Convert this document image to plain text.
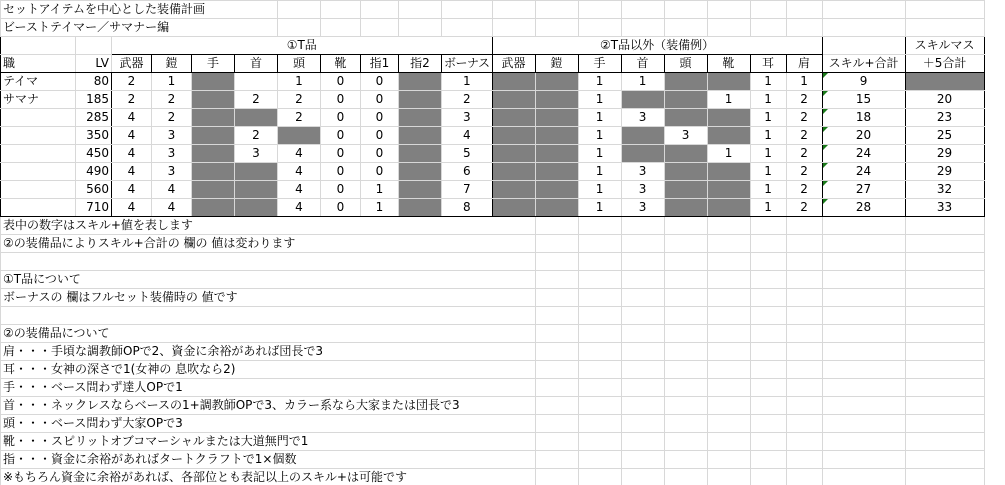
セットアイテムを中心とした装備計画																				
ビーストテイマー／サマナー編																				
		①T品									②T品以外（装備例）									スキルマス
職	LV	武器	鎧	手	首	頭	靴	指1	指2	ボーナス	武器	鎧	手	首	頭	靴	耳	肩	スキル+合計	＋5合計
テイマ	80	2	1			1	0	0		1			1	1			1	1	9	
サマナ	185	2	2		2	2	0	0		2			1			1	1	2	15	20
	285	4	2			2	0	0		3			1	3			1	2	18	23
	350	4	3		2		0	0		4			1		3		1	2	20	25
	450	4	3		3	4	0	0		5			1			1	1	2	24	29
	490	4	3			4	0	0		6			1	3			1	2	24	29
	560	4	4			4	0	1		7			1	3			1	2	27	32
	710	4	4			4	0	1		8			1	3			1	2	28	33
表中の数字はスキル+値を表します																				
②の装備品によりスキル+合計の 欄の 値は変わります																				

①T品について																				
ボーナスの 欄はフルセット装備時の 値です																				

②の装備品について																				
肩・・・手頃な調教師OPで2、資金に余裕があれば団長で3																				
耳・・・女神の深さで1(女神の 息吹なら2)																				
手・・・ベース問わず達人OPで1																				
首・・・ネックレスならベースの1+調教師OPで3、カラー系なら大家または団長で3																				
頭・・・ベース問わず大家OPで3																				
靴・・・スピリットオブコマーシャルまたは大道無門で1																				
指・・・資金に余裕があればタートクラフトで1×個数																				
※もちろん資金に余裕があれば、各部位とも表記以上のスキル+は可能です																				
